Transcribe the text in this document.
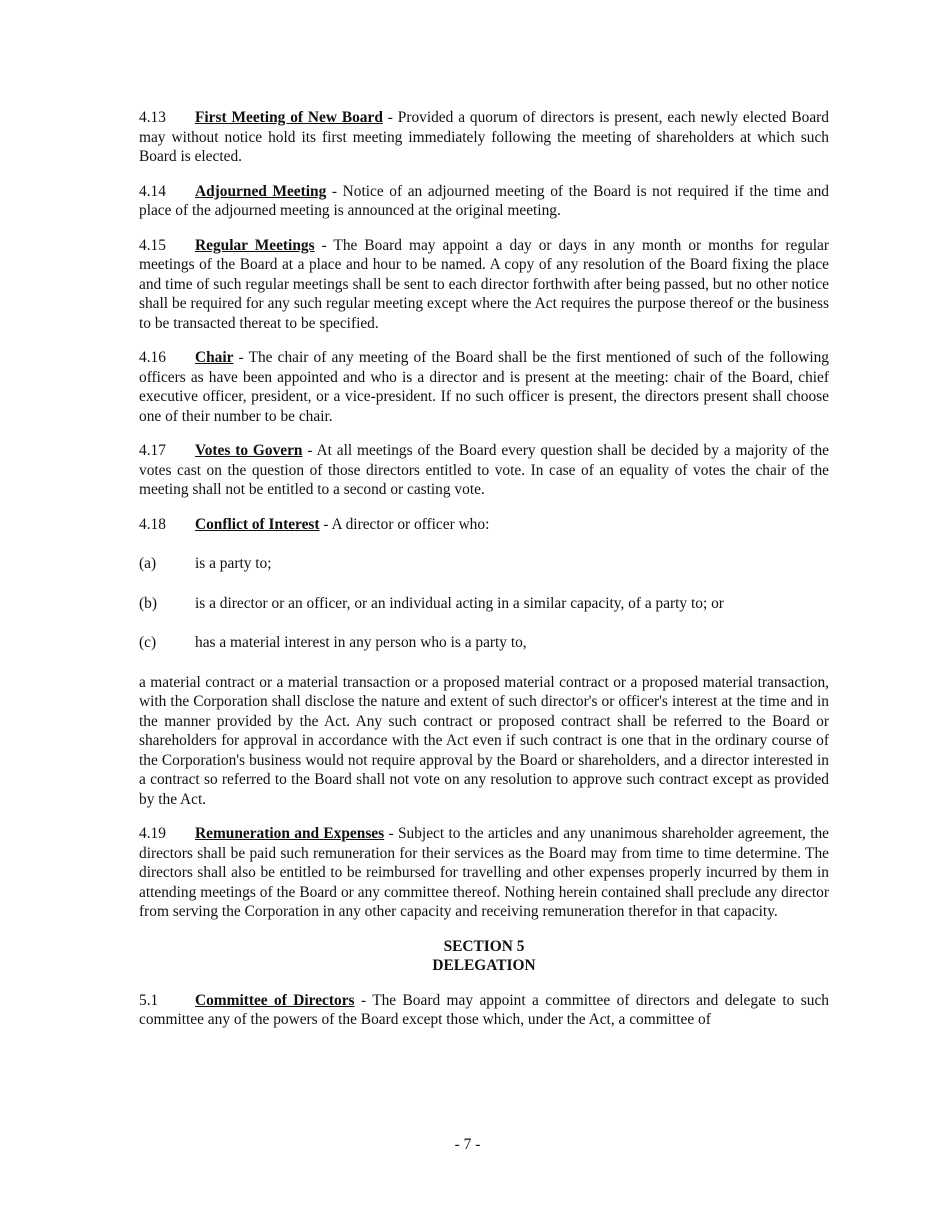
4.13 First Meeting of New Board - Provided a quorum of directors is present, each newly elected Board may without notice hold its first meeting immediately following the meeting of shareholders at which such Board is elected.

4.14 Adjourned Meeting - Notice of an adjourned meeting of the Board is not required if the time and place of the adjourned meeting is announced at the original meeting.

4.15 Regular Meetings - The Board may appoint a day or days in any month or months for regular meetings of the Board at a place and hour to be named. A copy of any resolution of the Board fixing the place and time of such regular meetings shall be sent to each director forthwith after being passed, but no other notice shall be required for any such regular meeting except where the Act requires the purpose thereof or the business to be transacted thereat to be specified.

4.16 Chair - The chair of any meeting of the Board shall be the first mentioned of such of the following officers as have been appointed and who is a director and is present at the meeting: chair of the Board, chief executive officer, president, or a vice-president. If no such officer is present, the directors present shall choose one of their number to be chair.

4.17 Votes to Govern - At all meetings of the Board every question shall be decided by a majority of the votes cast on the question of those directors entitled to vote. In case of an equality of votes the chair of the meeting shall not be entitled to a second or casting vote.

4.18 Conflict of Interest - A director or officer who:

(a)	is a party to;
(b) is a director or an officer, or an individual acting in a similar capacity, of a party to; or
(c)	has a material interest in any person who is a party to,

a material contract or a material transaction or a proposed material contract or a proposed material transaction, with the Corporation shall disclose the nature and extent of such director's or officer's interest at the time and in the manner provided by the Act. Any such contract or proposed contract shall be referred to the Board or shareholders for approval in accordance with the Act even if such contract is one that in the ordinary course of the Corporation's business would not require approval by the Board or shareholders, and a director interested in a contract so referred to the Board shall not vote on any resolution to approve such contract except as provided by the Act.

4.19 Remuneration and Expenses - Subject to the articles and any unanimous shareholder agreement, the directors shall be paid such remuneration for their services as the Board may from time to time determine. The directors shall also be entitled to be reimbursed for travelling and other expenses properly incurred by them in attending meetings of the Board or any committee thereof. Nothing herein contained shall preclude any director from serving the Corporation in any other capacity and receiving remuneration therefor in that capacity.

SECTION 5
DELEGATION

5.1 Committee of Directors - The Board may appoint a committee of directors and delegate to such committee any of the powers of the Board except those which, under the Act, a committee of

- 7 -
